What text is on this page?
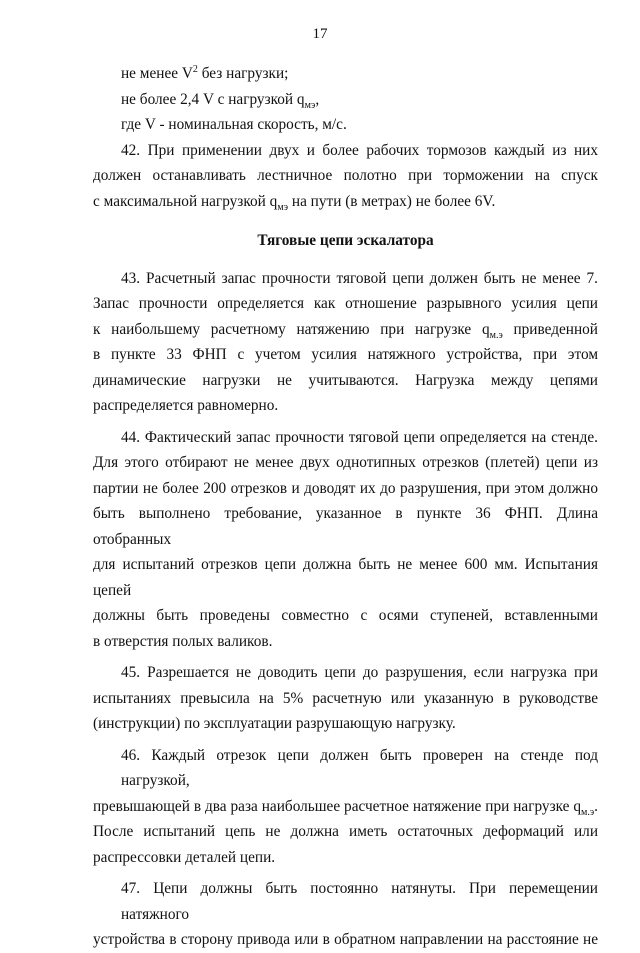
17
не менее $V^2$ без нагрузки;
не более 2,4 V с нагрузкой $q_{мэ}$,
где V - номинальная скорость, м/с.
42. При применении двух и более рабочих тормозов каждый из них
должен останавливать лестничное полотно при торможении на спуск
с максимальной нагрузкой $q_{мэ}$ на пути (в метрах) не более 6V.
Тяговые цепи эскалатора
43. Расчетный запас прочности тяговой цепи должен быть не менее 7.
Запас прочности определяется как отношение разрывного усилия цепи
к наибольшему расчетному натяжению при нагрузке $q_{м.э}$ приведенной
в пункте 33 ФНП с учетом усилия натяжного устройства, при этом
динамические нагрузки не учитываются. Нагрузка между цепями
распределяется равномерно.
44. Фактический запас прочности тяговой цепи определяется на стенде.
Для этого отбирают не менее двух однотипных отрезков (плетей) цепи из
партии не более 200 отрезков и доводят их до разрушения, при этом должно
быть выполнено требование, указанное в пункте 36 ФНП. Длина отобранных
для испытаний отрезков цепи должна быть не менее 600 мм. Испытания цепей
должны быть проведены совместно с осями ступеней, вставленными
в отверстия полых валиков.
45. Разрешается не доводить цепи до разрушения, если нагрузка при
испытаниях превысила на 5% расчетную или указанную в руководстве
(инструкции) по эксплуатации разрушающую нагрузку.
46. Каждый отрезок цепи должен быть проверен на стенде под нагрузкой,
превышающей в два раза наибольшее расчетное натяжение при нагрузке $q_{м.э}$.
После испытаний цепь не должна иметь остаточных деформаций или
распрессовки деталей цепи.
47. Цепи должны быть постоянно натянуты. При перемещении натяжного
устройства в сторону привода или в обратном направлении на расстояние не
